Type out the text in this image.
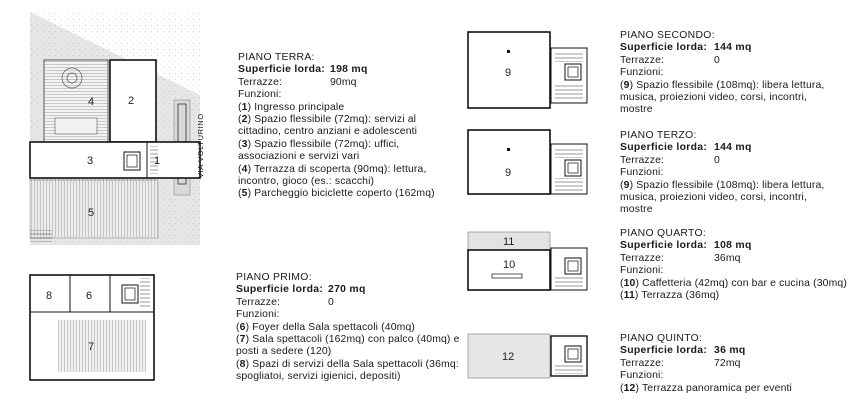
4	2
3	1
5
8	6
7
9
9
11
10
12
VIA VOLTURINO
PIANO TERRA:
Superficie lorda: 198 mq
Terrazze:	90mq
Funzioni:
(1) Ingresso principale
(2) Spazio flessibile (72mq): servizi al cittadino, centro anziani e adolescenti
(3) Spazio flessibile (72mq): uffici, associazioni e servizi vari
(4) Terrazza di scoperta (90mq): lettura, incontro, gioco (es.: scacchi)
(5) Parcheggio biciclette coperto (162mq)
PIANO PRIMO:
Superficie lorda: 270 mq
Terrazze:	0
Funzioni:
(6) Foyer della Sala spettacoli (40mq)
(7) Sala spettacoli (162mq) con palco (40mq) e posti a sedere (120)
(8) Spazi di servizi della Sala spettacoli (36mq: spogliatoi, servizi igienici, depositi)
PIANO SECONDO:
Superficie lorda: 144 mq
Terrazze:	0
Funzioni:
(9) Spazio flessibile (108mq): libera lettura, musica, proiezioni video, corsi, incontri, mostre
PIANO TERZO:
Superficie lorda: 144 mq
Terrazze:	0
Funzioni:
(9) Spazio flessibile (108mq): libera lettura, musica, proiezioni video, corsi, incontri, mostre
PIANO QUARTO:
Superficie lorda: 108 mq
Terrazze:	36mq
Funzioni:
(10) Caffetteria (42mq) con bar e cucina (30mq)
(11) Terrazza (36mq)
PIANO QUINTO:
Superficie lorda: 36 mq
Terrazze:	72mq
Funzioni:
(12) Terrazza panoramica per eventi
